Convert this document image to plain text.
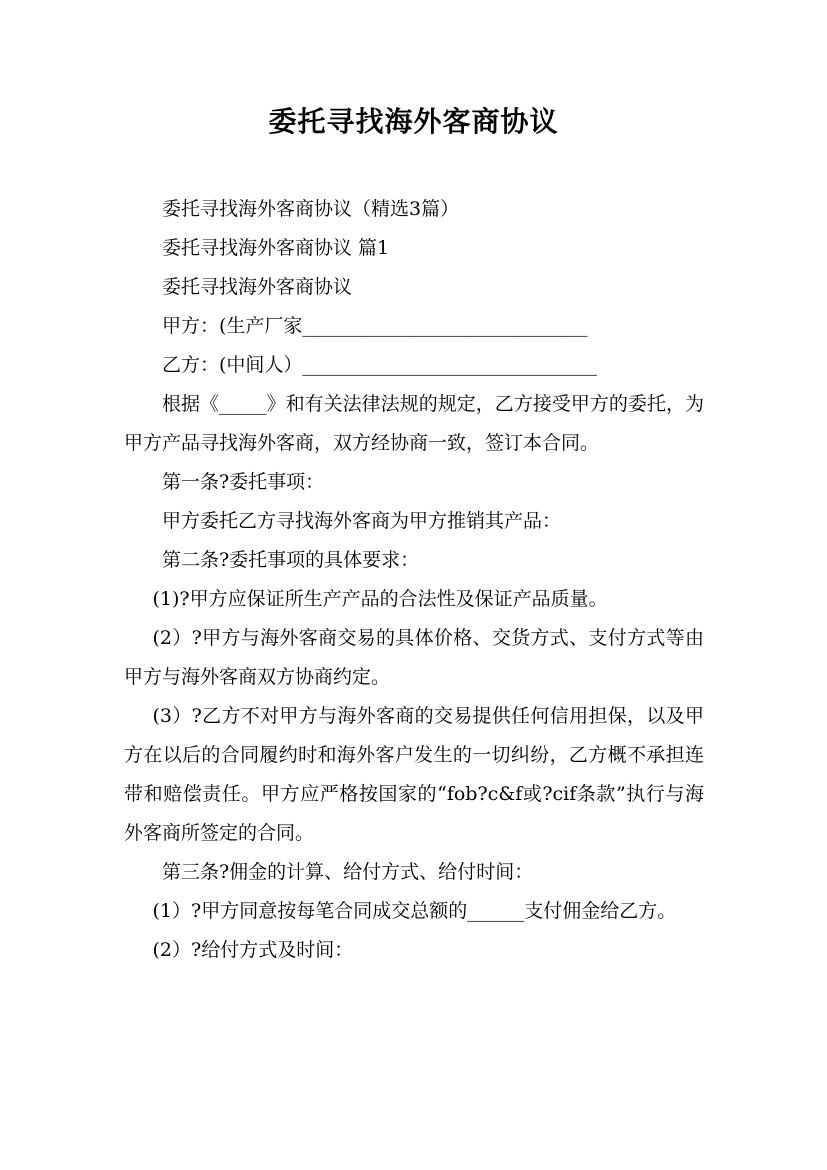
委托寻找海外客商协议

委托寻找海外客商协议（精选3篇）

委托寻找海外客商协议 篇1

委托寻找海外客商协议

甲方：(生产厂家______________________________

乙方：(中间人）_______________________________

根据《_____》和有关法律法规的规定，乙方接受甲方的委托，为甲方产品寻找海外客商，双方经协商一致，签订本合同。

第一条?委托事项：

甲方委托乙方寻找海外客商为甲方推销其产品：

第二条?委托事项的具体要求：

(1)?甲方应保证所生产产品的合法性及保证产品质量。

(2）?甲方与海外客商交易的具体价格、交货方式、支付方式等由甲方与海外客商双方协商约定。

(3）?乙方不对甲方与海外客商的交易提供任何信用担保，以及甲方在以后的合同履约时和海外客户发生的一切纠纷，乙方概不承担连带和赔偿责任。甲方应严格按国家的“fob?c&f或?cif条款”执行与海外客商所签定的合同。

第三条?佣金的计算、给付方式、给付时间：

(1）?甲方同意按每笔合同成交总额的______支付佣金给乙方。

(2）?给付方式及时间：
